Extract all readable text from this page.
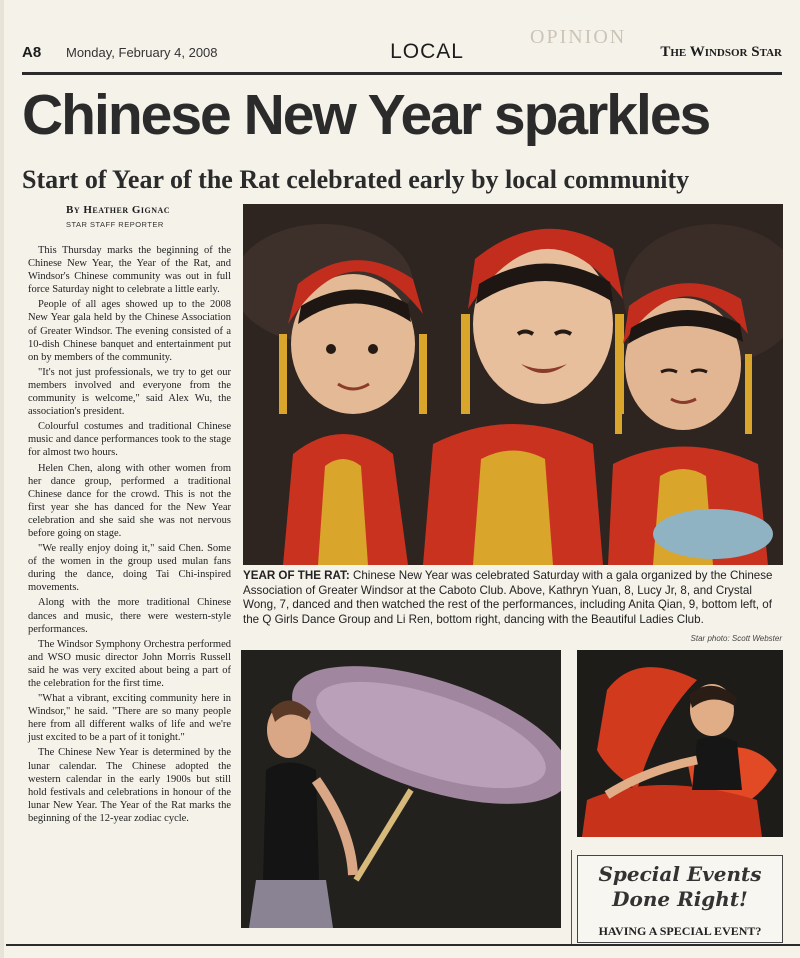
OPINION
A8 Monday, February 4, 2008	LOCAL	The Windsor Star
Chinese New Year sparkles
Start of Year of the Rat celebrated early by local community
By Heather Gignac
STAR STAFF REPORTER

This Thursday marks the beginning of the Chinese New Year, the Year of the Rat, and Windsor's Chinese community was out in full force Saturday night to celebrate a little early.

People of all ages showed up to the 2008 New Year gala held by the Chinese Association of Greater Windsor. The evening consisted of a 10-dish Chinese banquet and entertainment put on by members of the community.

"It's not just professionals, we try to get our members involved and everyone from the community is welcome," said Alex Wu, the association's president.

Colourful costumes and traditional Chinese music and dance performances took to the stage for almost two hours.

Helen Chen, along with other women from her dance group, performed a traditional Chinese dance for the crowd. This is not the first year she has danced for the New Year celebration and she said she was not nervous before going on stage.

"We really enjoy doing it," said Chen. Some of the women in the group used mulan fans during the dance, doing Tai Chi-inspired movements.

Along with the more traditional Chinese dances and music, there were western-style performances.

The Windsor Symphony Orchestra performed and WSO music director John Morris Russell said he was very excited about being a part of the celebration for the first time.

"What a vibrant, exciting community here in Windsor," he said. "There are so many people here from all different walks of life and we're just excited to be a part of it tonight."

The Chinese New Year is determined by the lunar calendar. The Chinese adopted the western calendar in the early 1900s but still hold festivals and celebrations in honour of the lunar New Year. The Year of the Rat marks the beginning of the 12-year zodiac cycle.

YEAR OF THE RAT: Chinese New Year was celebrated Saturday with a gala organized by the Chinese Association of Greater Windsor at the Caboto Club. Above, Kathryn Yuan, 8, Lucy Jr, 8, and Crystal Wong, 7, danced and then watched the rest of the performances, including Anita Qian, 9, bottom left, of the Q Girls Dance Group and Li Ren, bottom right, dancing with the Beautiful Ladies Club.
Star photo: Scott Webster
Special Events
Done Right!
HAVING A SPECIAL EVENT?
